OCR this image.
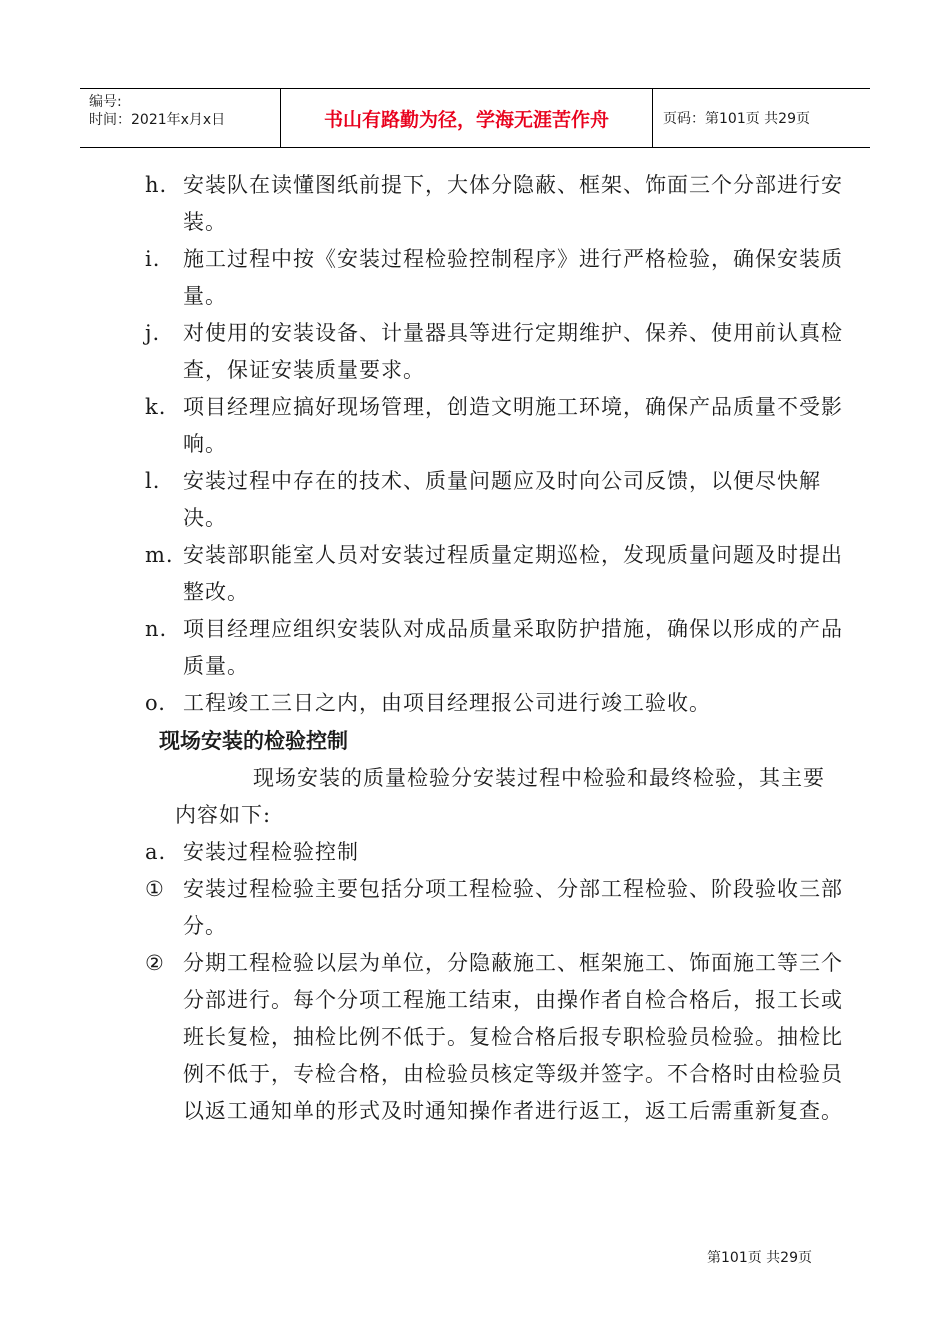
编号:
时间：2021年x月x日	书山有路勤为径，学海无涯苦作舟	页码：第101页 共29页
h. 安装队在读懂图纸前提下，大体分隐蔽、框架、饰面三个分部进行安装。
i. 施工过程中按《安装过程检验控制程序》进行严格检验，确保安装质量。
j. 对使用的安装设备、计量器具等进行定期维护、保养、使用前认真检查，保证安装质量要求。
k. 项目经理应搞好现场管理，创造文明施工环境，确保产品质量不受影响。
l. 安装过程中存在的技术、质量问题应及时向公司反馈，以便尽快解决。
m. 安装部职能室人员对安装过程质量定期巡检，发现质量问题及时提出整改。
n. 项目经理应组织安装队对成品质量采取防护措施，确保以形成的产品质量。
o. 工程竣工三日之内，由项目经理报公司进行竣工验收。
现场安装的检验控制
现场安装的质量检验分安装过程中检验和最终检验，其主要内容如下:
a. 安装过程检验控制
① 安装过程检验主要包括分项工程检验、分部工程检验、阶段验收三部分。
② 分期工程检验以层为单位，分隐蔽施工、框架施工、饰面施工等三个分部进行。每个分项工程施工结束，由操作者自检合格后，报工长或班长复检，抽检比例不低于。复检合格后报专职检验员检验。抽检比例不低于，专检合格，由检验员核定等级并签字。不合格时由检验员以返工通知单的形式及时通知操作者进行返工，返工后需重新复查。
第101页 共29页
